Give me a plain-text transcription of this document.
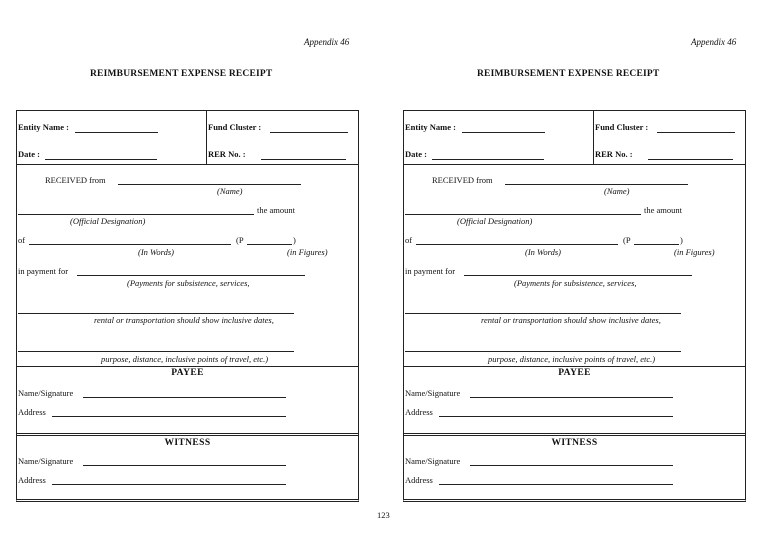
Appendix 46
REIMBURSEMENT EXPENSE RECEIPT
Entity Name :	Fund Cluster :
Date :	RER No. :
RECEIVED from
(Name)
the amount
(Official Designation)
of	(P	)
(In Words)	(in Figures)
in payment for
(Payments for subsistence, services,
rental or transportation should show inclusive dates,
purpose, distance, inclusive points of travel, etc.)
PAYEE
Name/Signature
Address
WITNESS
Name/Signature
Address
Appendix 46
REIMBURSEMENT EXPENSE RECEIPT
Entity Name :	Fund Cluster :
Date :	RER No. :
RECEIVED from
(Name)
the amount
(Official Designation)
of	(P	)
(In Words)	(in Figures)
in payment for
(Payments for subsistence, services,
rental or transportation should show inclusive dates,
purpose, distance, inclusive points of travel, etc.)
PAYEE
Name/Signature
Address
WITNESS
Name/Signature
Address
123
